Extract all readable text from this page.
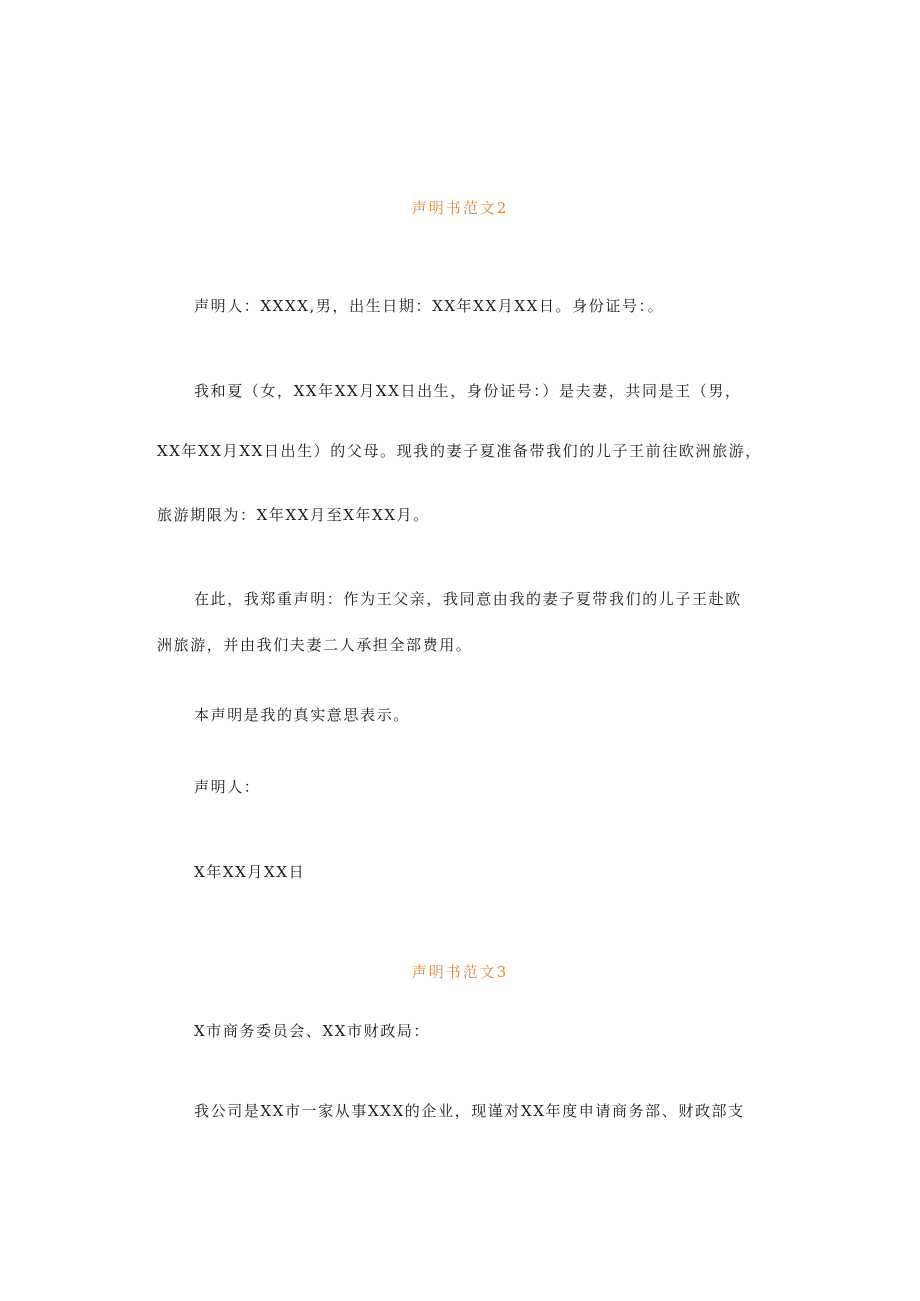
声明书范文2
声明人：XXXX,男，出生日期：XX年XX月XX日。身份证号：。
我和夏（女，XX年XX月XX日出生，身份证号：）是夫妻，共同是王（男，
XX年XX月XX日出生）的父母。现我的妻子夏准备带我们的儿子王前往欧洲旅游，
旅游期限为：X年XX月至X年XX月。
在此，我郑重声明：作为王父亲，我同意由我的妻子夏带我们的儿子王赴欧
洲旅游，并由我们夫妻二人承担全部费用。
本声明是我的真实意思表示。
声明人：
X年XX月XX日
声明书范文3
X市商务委员会、XX市财政局：
我公司是XX市一家从事XXX的企业，现谨对XX年度申请商务部、财政部支
